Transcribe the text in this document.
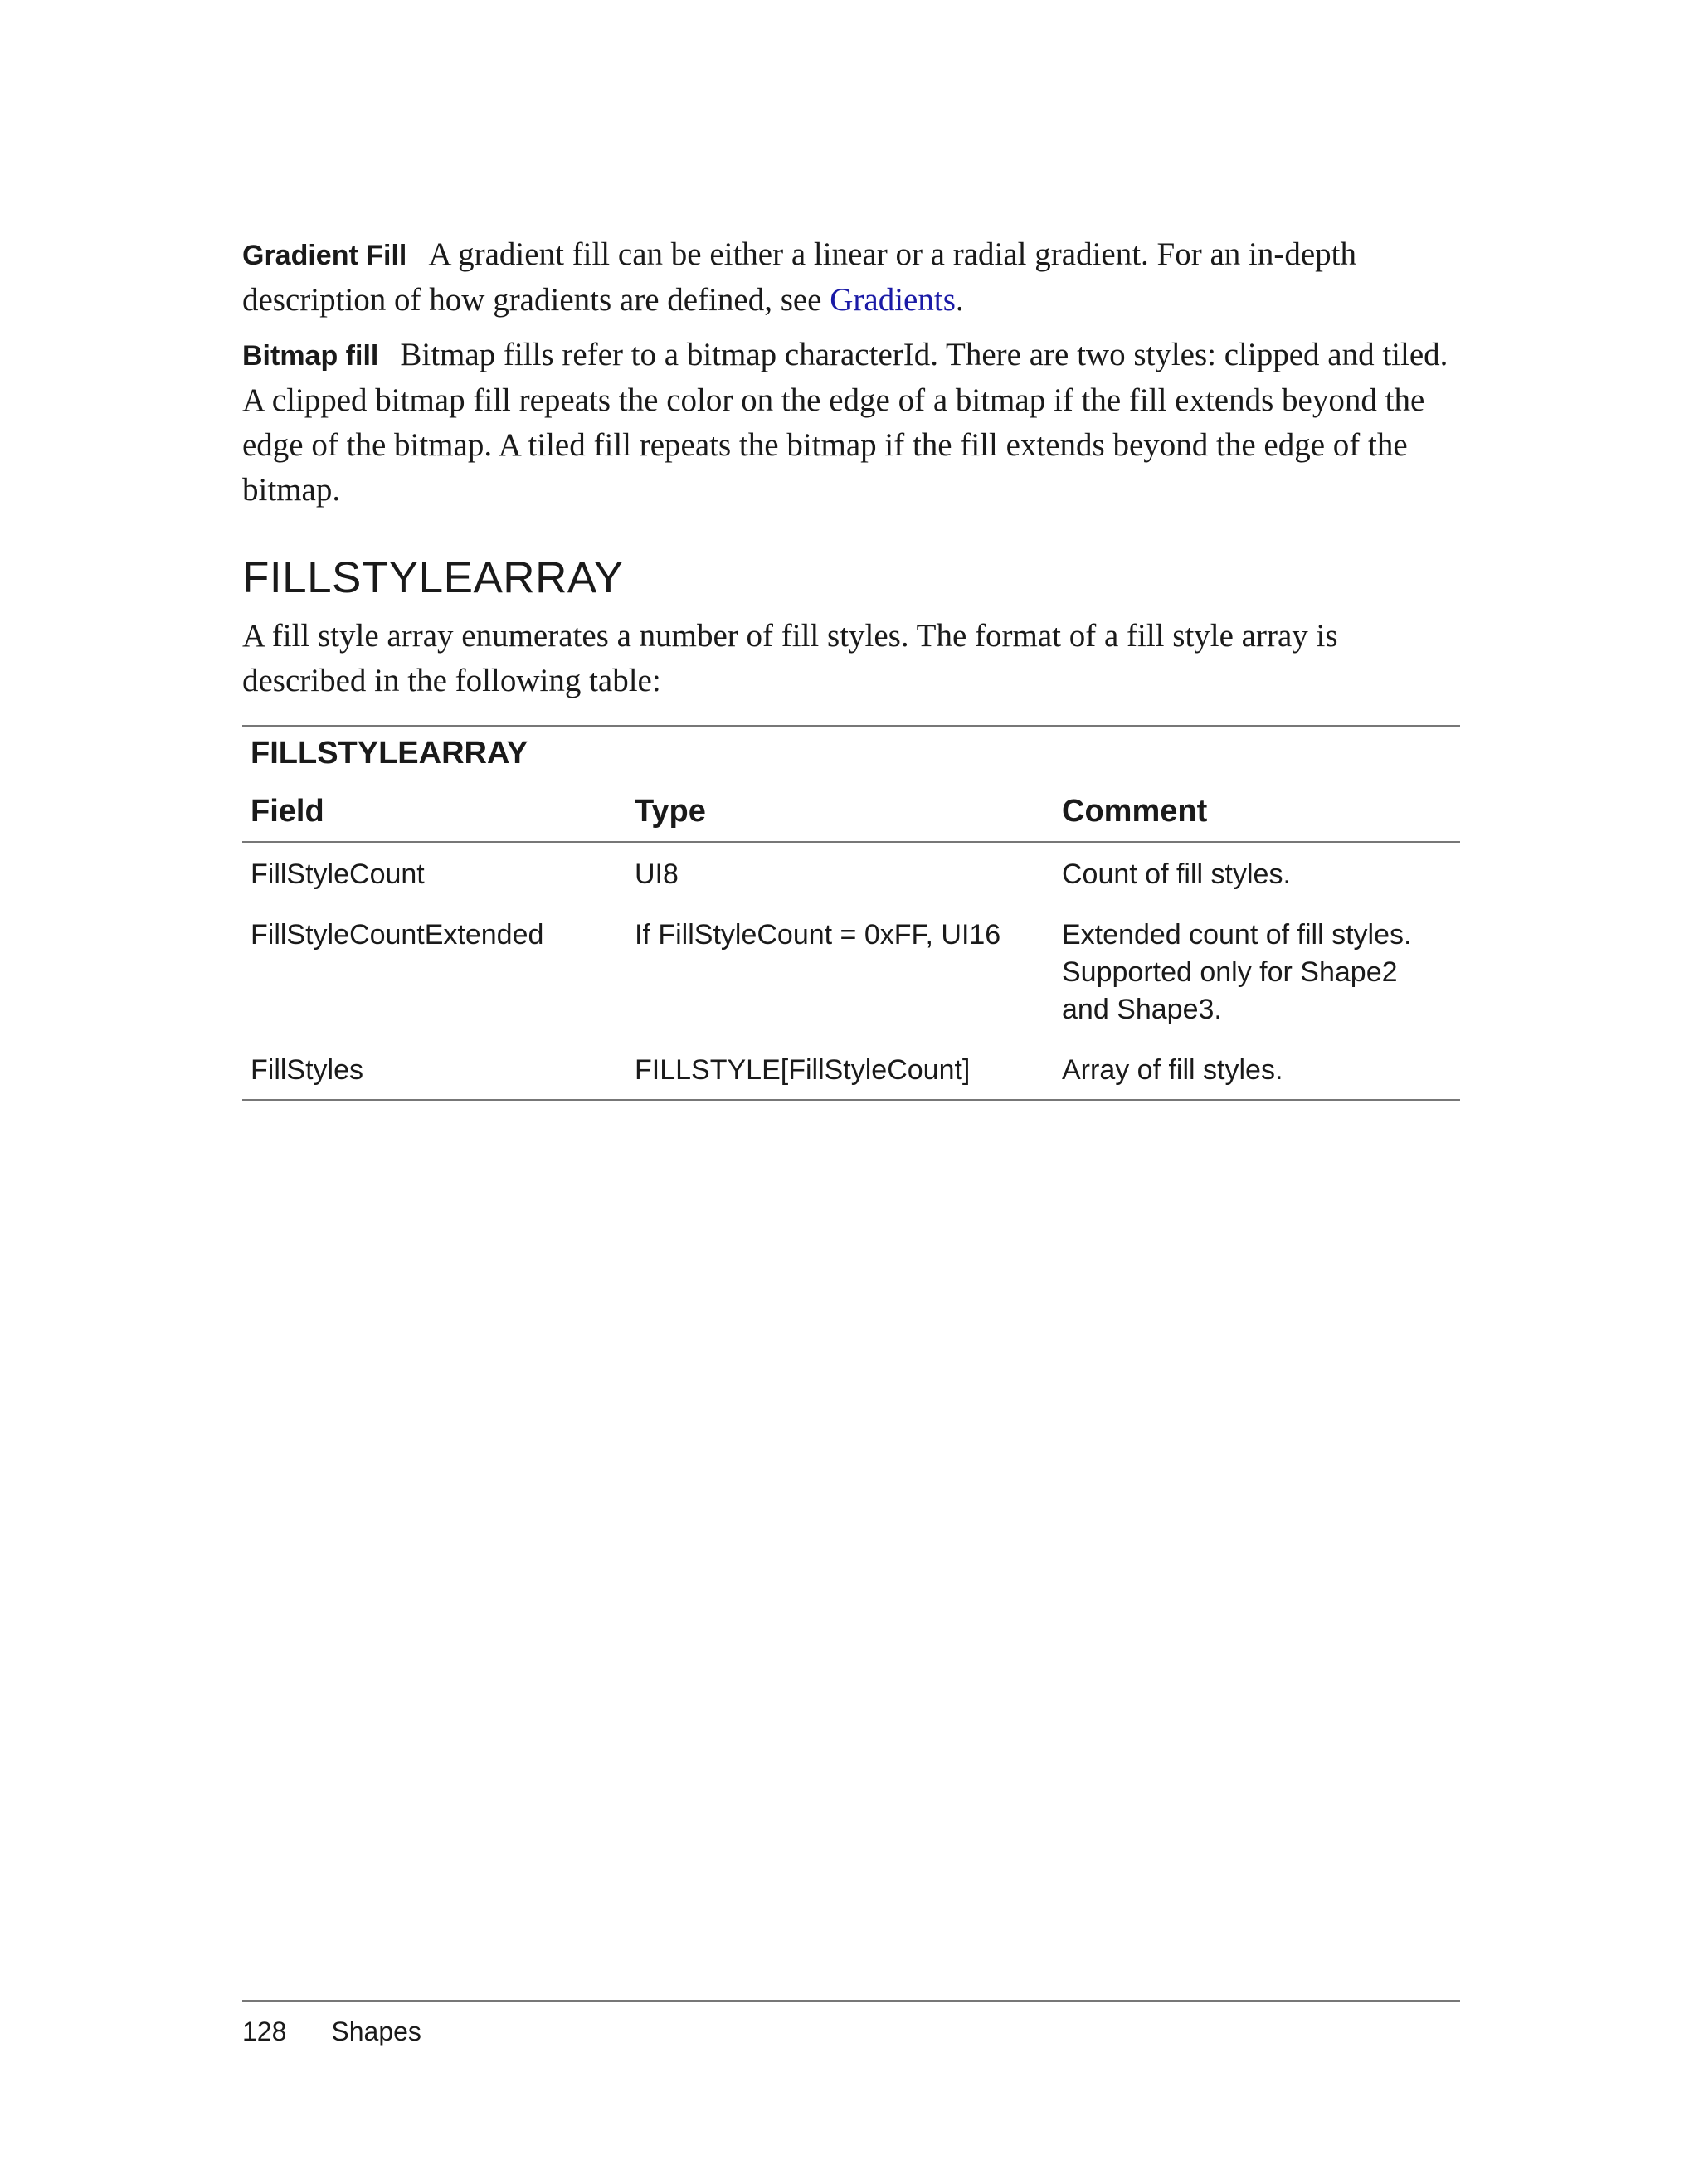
Gradient Fill A gradient fill can be either a linear or a radial gradient. For an in-depth description of how gradients are defined, see Gradients.

Bitmap fill Bitmap fills refer to a bitmap characterId. There are two styles: clipped and tiled. A clipped bitmap fill repeats the color on the edge of a bitmap if the fill extends beyond the edge of the bitmap. A tiled fill repeats the bitmap if the fill extends beyond the edge of the bitmap.

FILLSTYLEARRAY

A fill style array enumerates a number of fill styles. The format of a fill style array is described in the following table:

FILLSTYLEARRAY
Field	Type	Comment
FillStyleCount	UI8	Count of fill styles.
FillStyleCountExtended	If FillStyleCount = 0xFF, UI16	Extended count of fill styles. Supported only for Shape2 and Shape3.
FillStyles	FILLSTYLE[FillStyleCount]	Array of fill styles.
128 Shapes
